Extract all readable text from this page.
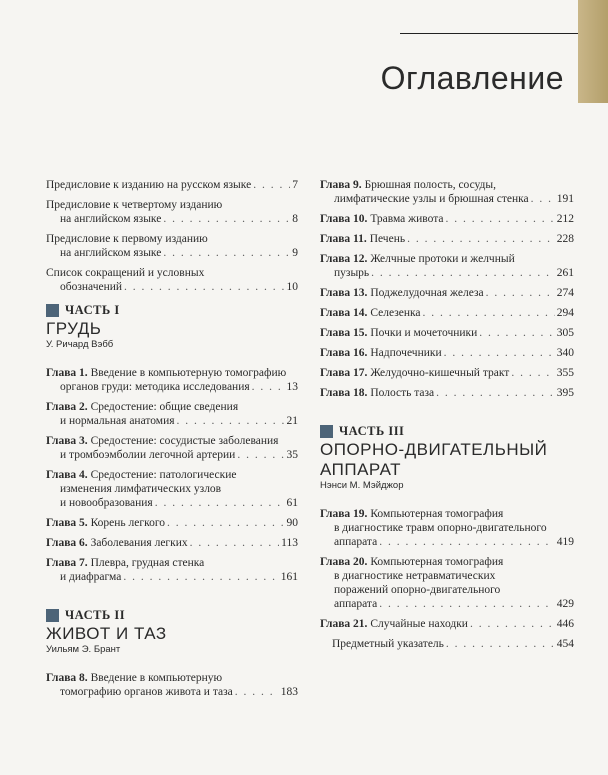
Оглавление
Предисловие к изданию на русском языке . . .	7
Предисловие к четвертому изданию
на английском языке . . .	8
Предисловие к первому изданию
на английском языке . . .	9
Список сокращений и условных
обозначений . . .	10
ЧАСТЬ I
ГРУДЬ
У. Ричард Вэбб
Глава 1. Введение в компьютерную томографию
органов груди: методика исследования . . .	13
Глава 2. Средостение: общие сведения
и нормальная анатомия . . .	21
Глава 3. Средостение: сосудистые заболевания
и тромбоэмболии легочной артерии . . .	35
Глава 4. Средостение: патологические
изменения лимфатических узлов
и новообразования . . .	61
Глава 5. Корень легкого . . .	90
Глава 6. Заболевания легких . . .	113
Глава 7. Плевра, грудная стенка
и диафрагма . . .	161
ЧАСТЬ II
ЖИВОТ И ТАЗ
Уильям Э. Брант
Глава 8. Введение в компьютерную
томографию органов живота и таза . . .	183
Глава 9. Брюшная полость, сосуды,
лимфатические узлы и брюшная стенка . . . 191
Глава 10. Травма живота . . .	212
Глава 11. Печень . . .	228
Глава 12. Желчные протоки и желчный
пузырь . . .	261
Глава 13. Поджелудочная железа . . .	274
Глава 14. Селезенка . . .	294
Глава 15. Почки и мочеточники . . .	305
Глава 16. Надпочечники . . .	340
Глава 17. Желудочно-кишечный тракт . . .	355
Глава 18. Полость таза . . .	395
ЧАСТЬ III
ОПОРНО-ДВИГАТЕЛЬНЫЙ
АППАРАТ
Нэнси М. Мэйджор
Глава 19. Компьютерная томография
в диагностике травм опорно-двигательного
аппарата . . .	419
Глава 20. Компьютерная томография
в диагностике нетравматических
поражений опорно-двигательного
аппарата . . .	429
Глава 21. Случайные находки . . .	446
Предметный указатель . . .	454
